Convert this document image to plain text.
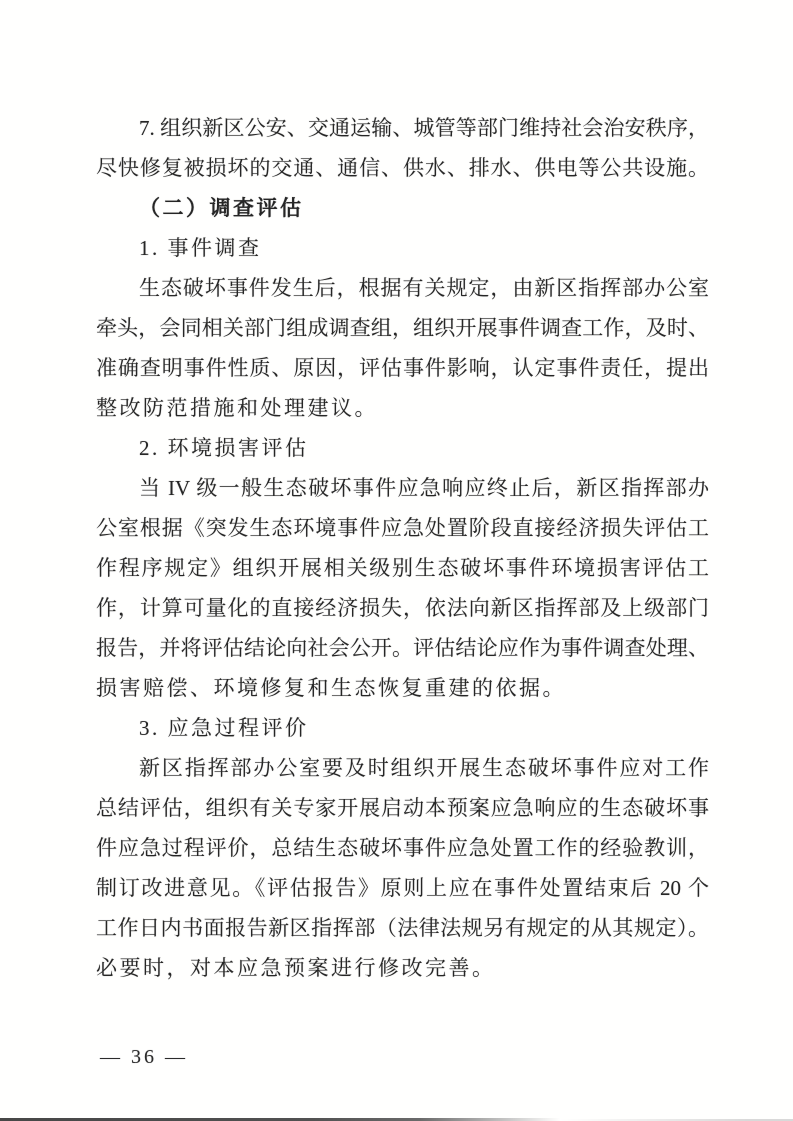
7. 组织新区公安、交通运输、城管等部门维持社会治安秩序，
尽快修复被损坏的交通、通信、供水、排水、供电等公共设施。
（二）调查评估
1. 事件调查
生态破坏事件发生后，根据有关规定，由新区指挥部办公室
牵头，会同相关部门组成调查组，组织开展事件调查工作，及时、
准确查明事件性质、原因，评估事件影响，认定事件责任，提出
整改防范措施和处理建议。
2. 环境损害评估
当 IV 级一般生态破坏事件应急响应终止后，新区指挥部办
公室根据《突发生态环境事件应急处置阶段直接经济损失评估工
作程序规定》组织开展相关级别生态破坏事件环境损害评估工
作，计算可量化的直接经济损失，依法向新区指挥部及上级部门
报告，并将评估结论向社会公开。评估结论应作为事件调查处理、
损害赔偿、环境修复和生态恢复重建的依据。
3. 应急过程评价
新区指挥部办公室要及时组织开展生态破坏事件应对工作
总结评估，组织有关专家开展启动本预案应急响应的生态破坏事
件应急过程评价，总结生态破坏事件应急处置工作的经验教训，
制订改进意见。《评估报告》原则上应在事件处置结束后 20 个
工作日内书面报告新区指挥部（法律法规另有规定的从其规定）。
必要时，对本应急预案进行修改完善。
— 36 —
